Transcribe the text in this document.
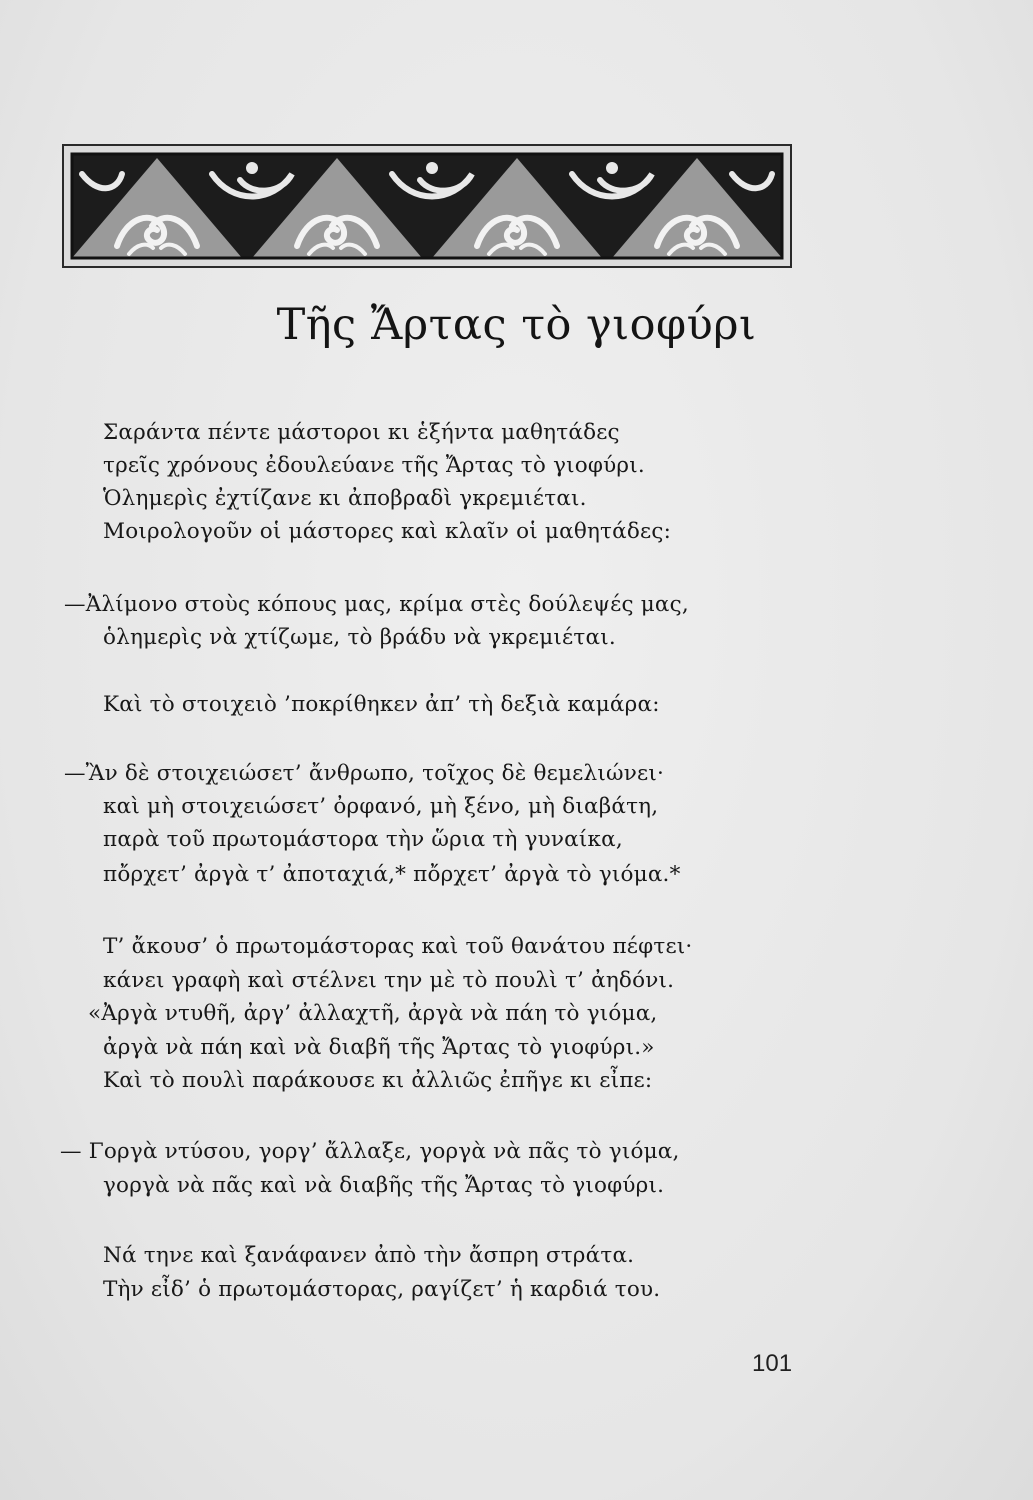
Τῆς Ἄρτας τὸ γιοφύρι
Σαράντα πέντε μάστοροι κι ἑξήντα μαθητάδες
τρεῖς χρόνους ἐδουλεύανε τῆς Ἄρτας τὸ γιοφύρι.
Ὁλημερὶς ἐχτίζανε κι ἀποβραδὶ γκρεμιέται.
Μοιρολογοῦν οἱ μάστορες καὶ κλαῖν οἱ μαθητάδες:
—Ἀλίμονο στοὺς κόπους μας, κρίμα στὲς δούλεψές μας,
ὁλημερὶς νὰ χτίζωμε, τὸ βράδυ νὰ γκρεμιέται.
Καὶ τὸ στοιχειὸ ’ποκρίθηκεν ἀπ’ τὴ δεξιὰ καμάρα:
—Ἂν δὲ στοιχειώσετ’ ἄνθρωπο, τοῖχος δὲ θεμελιώνει·
καὶ μὴ στοιχειώσετ’ ὀρφανό, μὴ ξένο, μὴ διαβάτη,
παρὰ τοῦ πρωτομάστορα τὴν ὥρια τὴ γυναίκα,
πὄρχετ’ ἀργὰ τ’ ἀποταχιά,* πὄρχετ’ ἀργὰ τὸ γιόμα.*
Τ’ ἄκουσ’ ὁ πρωτομάστορας καὶ τοῦ θανάτου πέφτει·
κάνει γραφὴ καὶ στέλνει την μὲ τὸ πουλὶ τ’ ἀηδόνι.
«Ἀργὰ ντυθῆ, ἀργ’ ἀλλαχτῆ, ἀργὰ νὰ πάη τὸ γιόμα,
ἀργὰ νὰ πάη καὶ νὰ διαβῆ τῆς Ἄρτας τὸ γιοφύρι.»
Καὶ τὸ πουλὶ παράκουσε κι ἀλλιῶς ἐπῆγε κι εἶπε:
— Γοργὰ ντύσου, γοργ’ ἄλλαξε, γοργὰ νὰ πᾶς τὸ γιόμα,
γοργὰ νὰ πᾶς καὶ νὰ διαβῆς τῆς Ἄρτας τὸ γιοφύρι.
Νά τηνε καὶ ξανάφανεν ἀπὸ τὴν ἄσπρη στράτα.
Τὴν εἶδ’ ὁ πρωτομάστορας, ραγίζετ’ ἡ καρδιά του.
101
